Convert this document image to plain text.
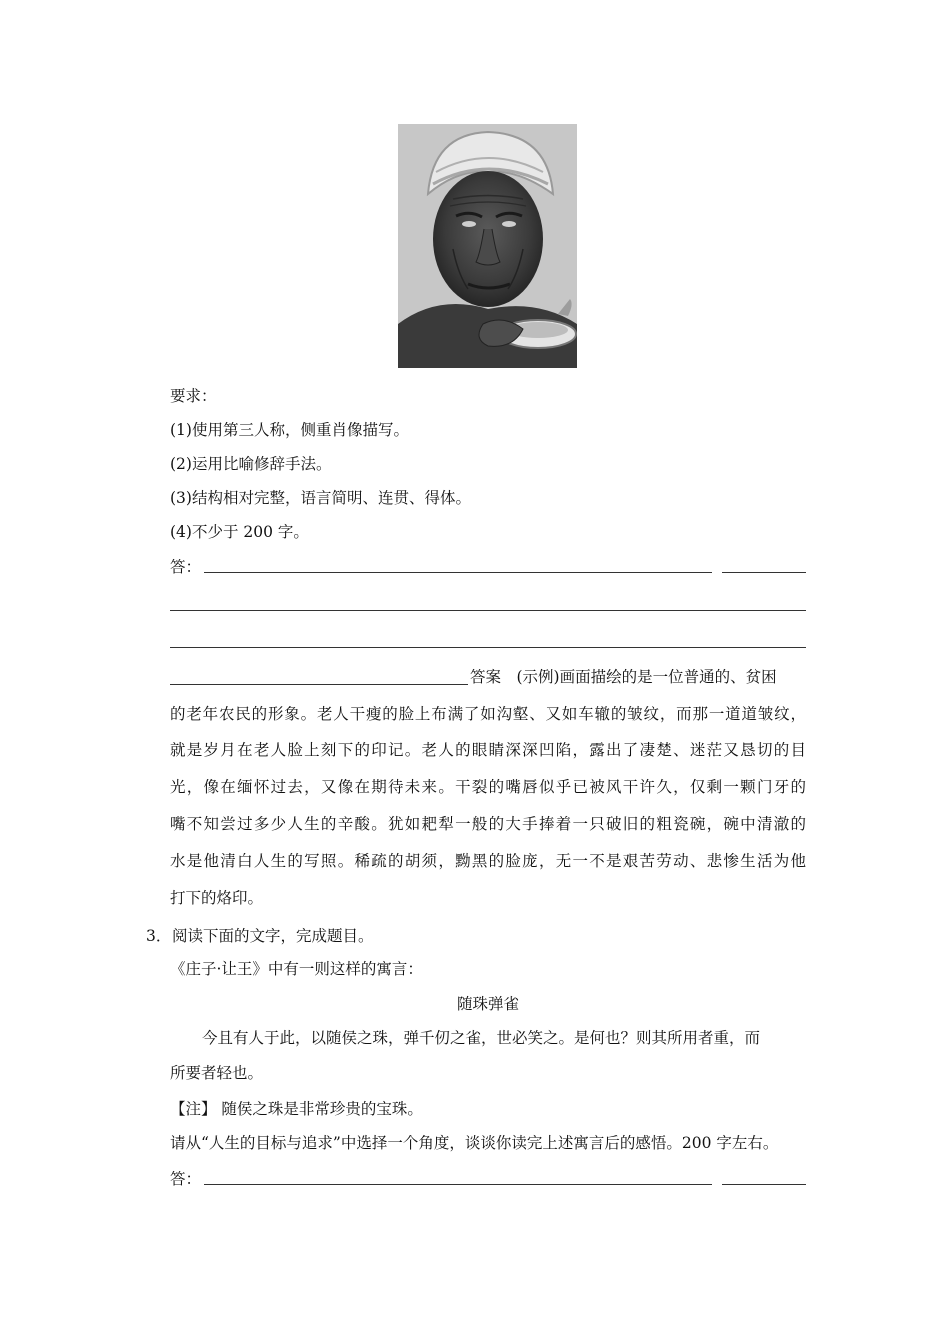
要求：
(1)使用第三人称，侧重肖像描写。
(2)运用比喻修辞手法。
(3)结构相对完整，语言简明、连贯、得体。
(4)不少于 200 字。
答：
答案　(示例)画面描绘的是一位普通的、贫困
的老年农民的形象。老人干瘦的脸上布满了如沟壑、又如车辙的皱纹，而那一道道皱纹，
就是岁月在老人脸上刻下的印记。老人的眼睛深深凹陷，露出了凄楚、迷茫又恳切的目
光，像在缅怀过去，又像在期待未来。干裂的嘴唇似乎已被风干许久，仅剩一颗门牙的
嘴不知尝过多少人生的辛酸。犹如耙犁一般的大手捧着一只破旧的粗瓷碗，碗中清澈的
水是他清白人生的写照。稀疏的胡须，黝黑的脸庞，无一不是艰苦劳动、悲惨生活为他
打下的烙印。
3． 阅读下面的文字，完成题目。
《庄子·让王》中有一则这样的寓言：
随珠弹雀
今且有人于此，以随侯之珠，弹千仞之雀，世必笑之。是何也？则其所用者重，而
所要者轻也。
【注】 随侯之珠是非常珍贵的宝珠。
请从“人生的目标与追求”中选择一个角度，谈谈你读完上述寓言后的感悟。200 字左右。
答：
